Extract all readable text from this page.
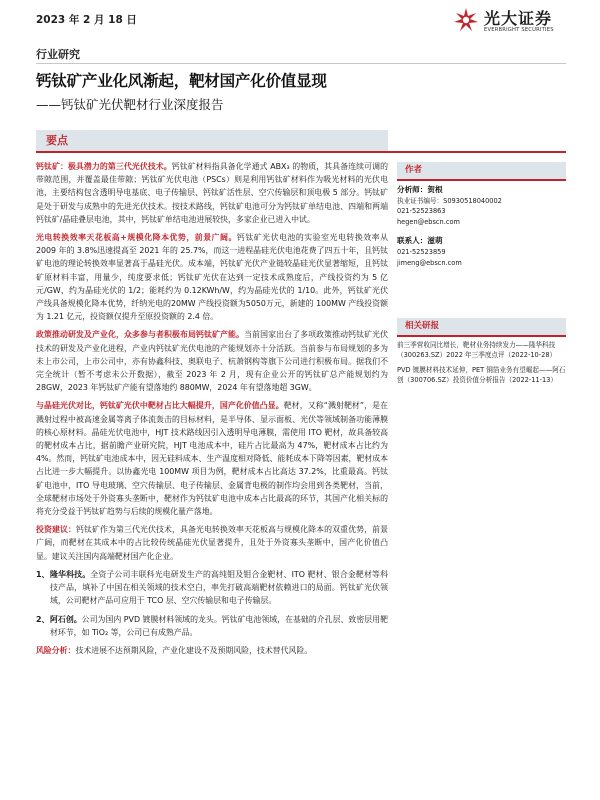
2023 年 2 月 18 日	光大证券
EVERBRIGHT SECURITIES
行业研究
钙钛矿产业化风渐起，靶材国产化价值显现
——钙钛矿光伏靶材行业深度报告
要点

钙钛矿：极具潜力的第三代光伏技术。钙钛矿材料指具备化学通式 ABX₃ 的物质，其具备连续可调的带隙范围，并覆盖最佳带隙；钙钛矿光伏电池（PSCs）则是利用钙钛矿材料作为吸光材料的光伏电池，主要结构包含透明导电基底、电子传输层、钙钛矿活性层、空穴传输层和顶电极 5 部分。钙钛矿是处于研发与成熟中的先进光伏技术。按技术路线，钙钛矿电池可分为钙钛矿单结电池、四端和两端钙钛矿/晶硅叠层电池，其中，钙钛矿单结电池进展较快，多家企业已进入中试。

光电转换效率天花板高+规模化降本优势，前景广阔。钙钛矿光伏电池的实验室光电转换效率从 2009 年的 3.8%迅速提高至 2021 年的 25.7%，而这一进程晶硅光伏电池花费了四五十年，且钙钛矿电池的理论转换效率显著高于晶硅光伏。成本端，钙钛矿光伏产业链较晶硅光伏显著缩短，且钙钛矿原材料丰富，用量少，纯度要求低；钙钛矿光伏在达到一定技术成熟度后，产线投资约为 5 亿元/GW，约为晶硅光伏的 1/2；能耗约为 0.12KWh/W，约为晶硅光伏的 1/10。此外，钙钛矿光伏产线具备规模化降本优势，纤纳光电的20MW 产线投资额为5050万元，新建的 100MW 产线投资额为 1.21 亿元，投资额仅提升至原投资额的 2.4 倍。

政策推动研发及产业化，众多参与者积极布局钙钛矿产能。当前国家出台了多项政策推动钙钛矿光伏技术的研发及产业化进程，产业内钙钛矿光伏电池的产能规划亦十分活跃。当前参与布局规划的多为未上市公司，上市公司中，亦有协鑫科技、奥联电子、杭萧钢构等旗下公司进行积极布局。据我们不完全统计（暂不考虑未公开数据），截至 2023 年 2 月，现有企业公开的钙钛矿总产能规划约为 28GW，2023 年钙钛矿产能有望落地约 880MW，2024 年有望落地超 3GW。

与晶硅光伏对比，钙钛矿光伏中靶材占比大幅提升，国产化价值凸显。靶材，又称“溅射靶材”，是在溅射过程中被高速金属等离子体流轰击的目标材料，是半导体、显示面板、光伏等领域制备功能薄膜的核心原材料。晶硅光伏电池中，HJT 技术路线因引入透明导电薄膜，需使用 ITO 靶材，故具备较高的靶材成本占比，据前瞻产业研究院，HJT 电池成本中，硅片占比最高为 47%，靶材成本占比约为 4%。然而，钙钛矿电池成本中，因无硅料成本、生产温度相对降低、能耗成本下降等因素，靶材成本占比进一步大幅提升。以协鑫光电 100MW 项目为例，靶材成本占比高达 37.2%，比重最高。钙钛矿电池中，ITO 导电玻璃、空穴传输层、电子传输层、金属背电极的制作均会用到各类靶材，当前，全球靶材市场处于外资寡头垄断中，靶材作为钙钛矿电池中成本占比最高的环节，其国产化相关标的将充分受益于钙钛矿趋势与后续的规模化量产落地。

投资建议：钙钛矿作为第三代光伏技术，具备光电转换效率天花板高与规模化降本的双重优势，前景广阔，而靶材在其成本中的占比较传统晶硅光伏显著提升，且处于外资寡头垄断中，国产化价值凸显。建议关注国内高端靶材国产化企业。

1、 隆华科技。全资子公司丰联科光电研发生产的高纯钼及钼合金靶材、ITO 靶材、银合金靶材等科技产品，填补了中国在相关领域的技术空白，率先打破高端靶材依赖进口的局面。钙钛矿光伏领域，公司靶材产品可应用于 TCO 层、空穴传输层和电子传输层。
2、 阿石创。公司为国内 PVD 镀膜材料领域的龙头。钙钛矿电池领域，在基础的介孔层、致密层用靶材环节，如 TiO₂ 等，公司已有成熟产品。

风险分析：技术进展不达预期风险，产业化建设不及预期风险，技术替代风险。

作者
分析师：贺根
执业证书编号：S0930518040002
021-52523863
hegen@ebscn.com
联系人：滋萌
021-52523859
jimeng@ebscn.com
相关研报
前三季营收同比增长，靶材业务持续发力——隆华科技（300263.SZ）2022 年三季度点评（2022-10-28）
PVD 镀膜材料技术延伸，PET 铜箔业务有望崛起——阿石创（300706.SZ）投资价值分析报告（2022-11-13）
